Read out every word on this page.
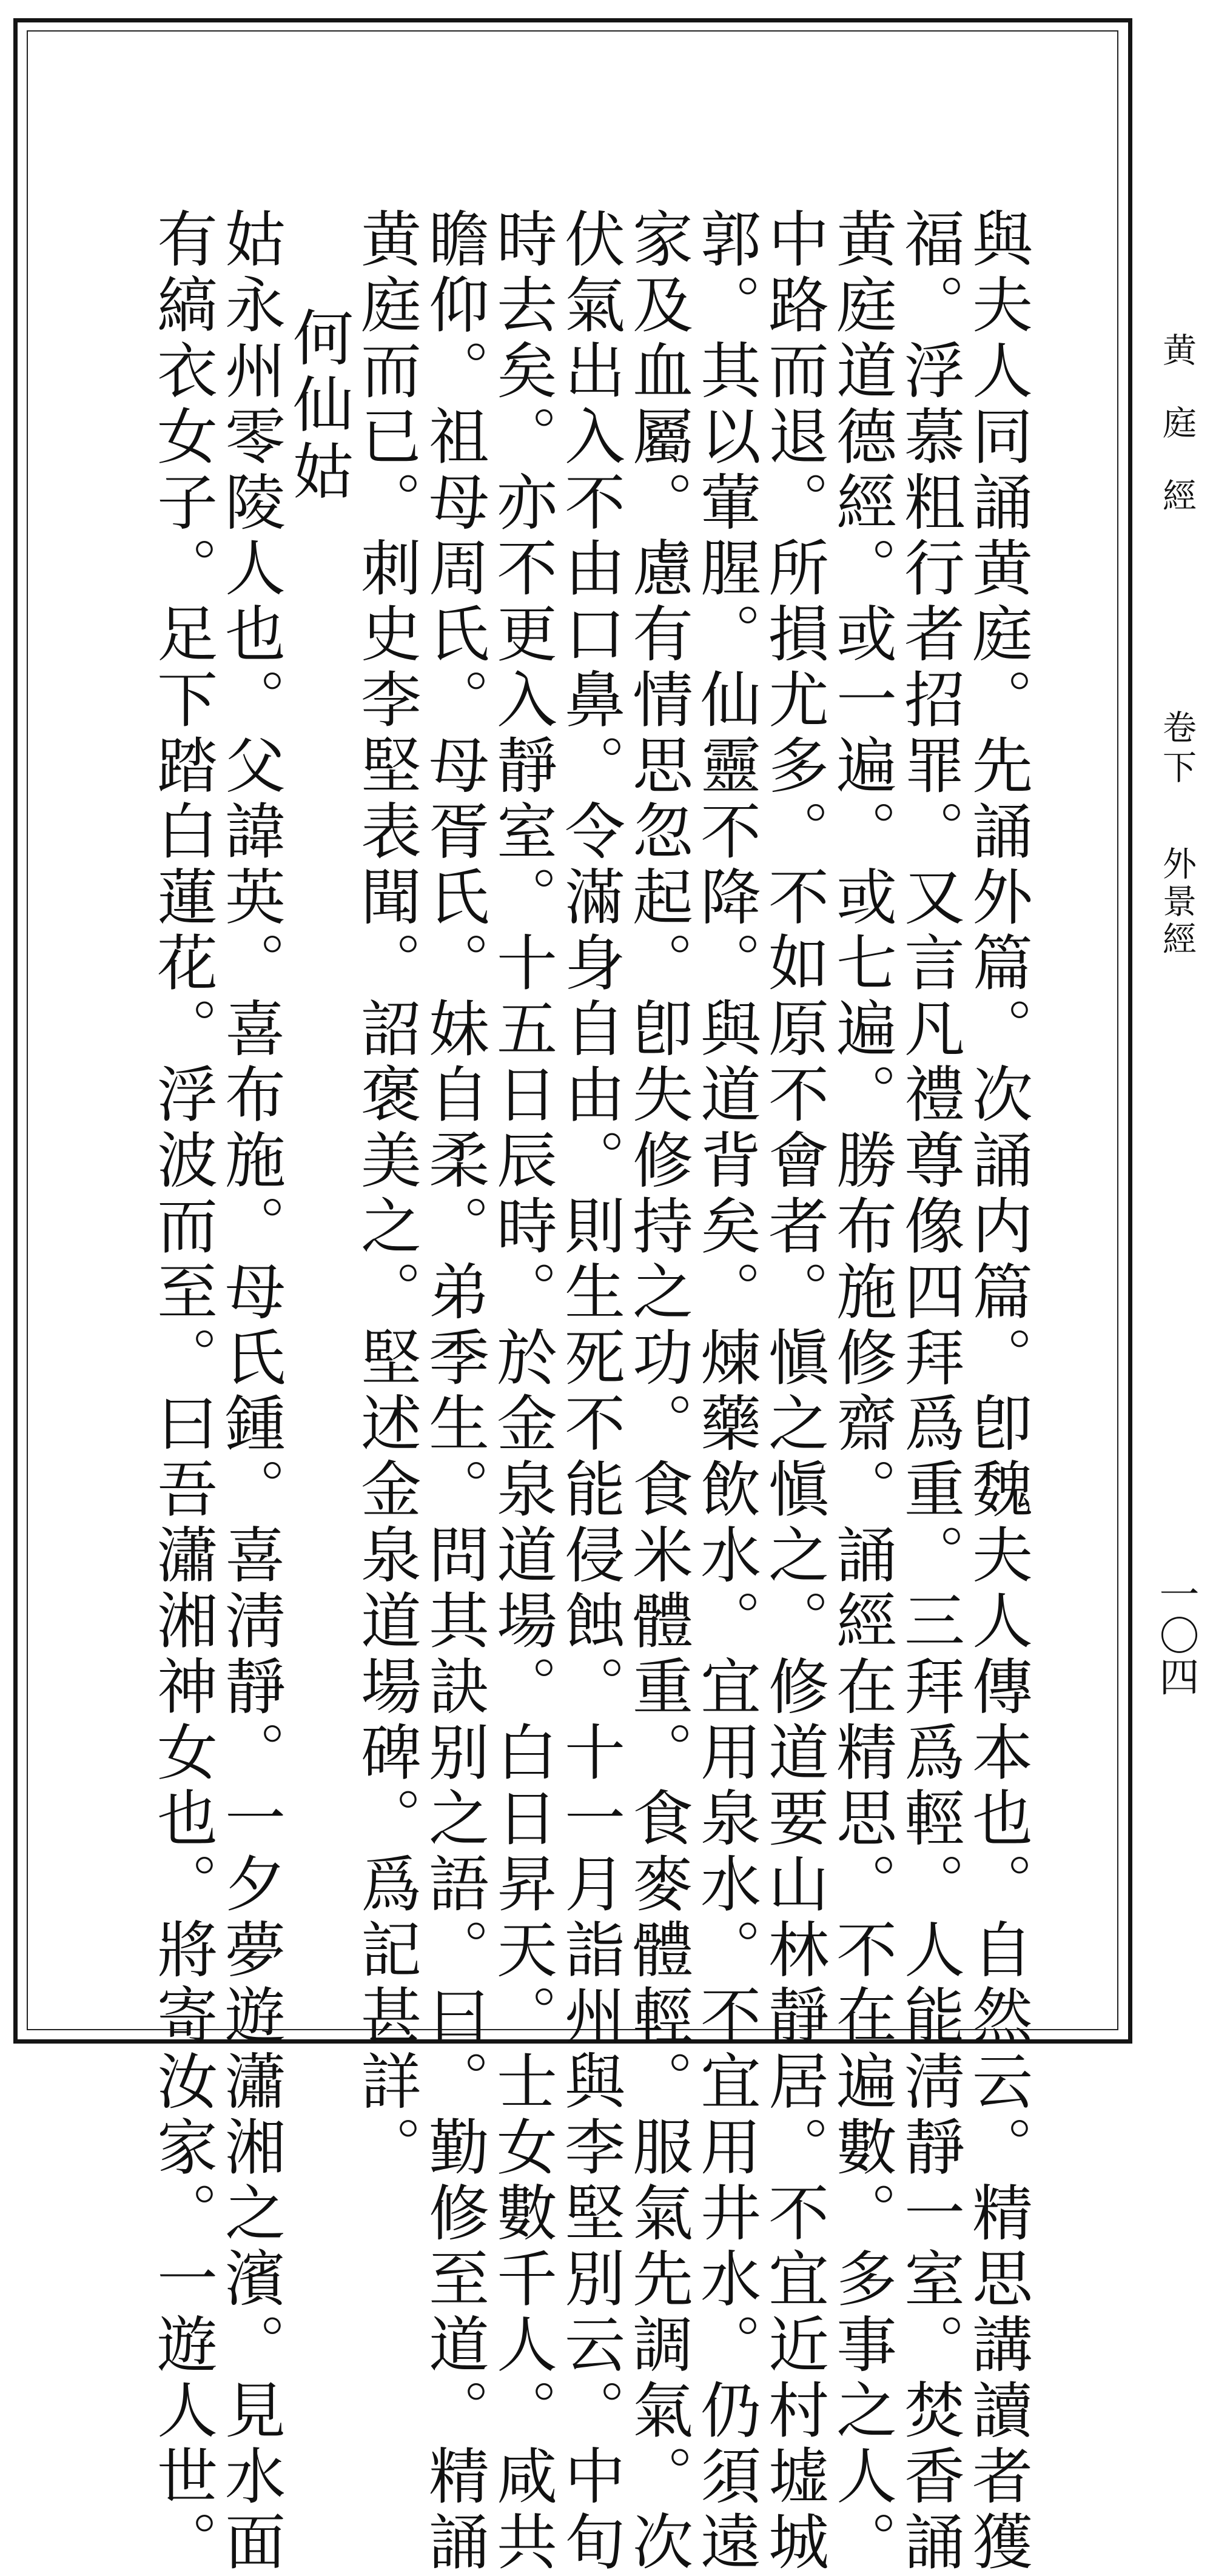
黄庭經
卷下
外景經
一〇四
與夫人同誦黄庭。先誦外篇。次誦内篇。卽魏夫人傳本也。自然云。精思講讀者獲
福。浮慕粗行者招罪。又言凡禮尊像四拜爲重。三拜爲輕。人能淸靜一室。焚香誦
黄庭道德經。或一遍。或七遍。勝布施修齋。誦經在精思。不在遍數。多事之人。
中路而退。所損尤多。不如原不會者。愼之愼之。修道要山林靜居。不宜近村墟城
郭。其以葷腥。仙靈不降。與道背矣。煉藥飲水。宜用泉水。不宜用井水。仍須遠
家及血屬。慮有情思忽起。卽失修持之功。食米體重。食麥體輕。服氣先調氣。次
伏氣出入不由口鼻。令滿身自由。則生死不能侵蝕。十一月詣州與李堅別云。中旬
時去矣。亦不更入靜室。十五日辰時。於金泉道場。白日昇天。士女數千人。咸共
瞻仰。祖母周氏。母胥氏。妹自柔。弟季生。問其訣别之語。曰。勤修至道。精誦
黄庭而已。刺史李堅表聞。詔褒美之。堅述金泉道場碑。爲記甚詳。
何仙姑
姑永州零陵人也。父諱英。喜布施。母氏鍾。喜淸靜。一夕夢遊瀟湘之濱。見水面
有縞衣女子。足下踏白蓮花。浮波而至。曰吾瀟湘神女也。將寄汝家。一遊人世。
